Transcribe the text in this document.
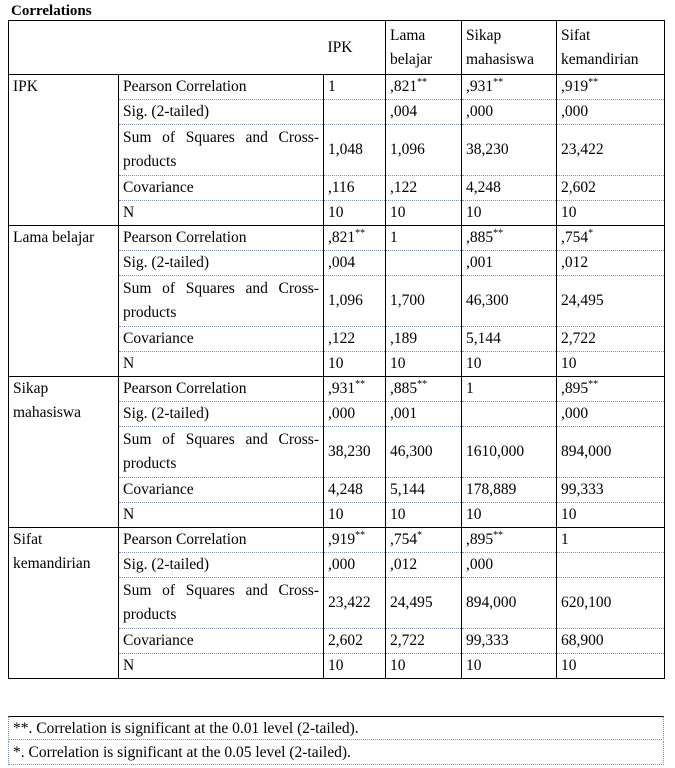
Correlations
		IPK	Lama belajar	Sikap mahasiswa	Sifat kemandirian
IPK	Pearson Correlation	1	,821**	,931**	,919**
	Sig. (2-tailed)		,004	,000	,000
	Sum of Squares and Cross-products	1,048	1,096	38,230	23,422
	Covariance	,116	,122	4,248	2,602
	N	10	10	10	10
Lama belajar	Pearson Correlation	,821**	1	,885**	,754*
	Sig. (2-tailed)	,004		,001	,012
	Sum of Squares and Cross-products	1,096	1,700	46,300	24,495
	Covariance	,122	,189	5,144	2,722
	N	10	10	10	10
Sikap mahasiswa	Pearson Correlation	,931**	,885**	1	,895**
	Sig. (2-tailed)	,000	,001		,000
	Sum of Squares and Cross-products	38,230	46,300	1610,000	894,000
	Covariance	4,248	5,144	178,889	99,333
	N	10	10	10	10
Sifat kemandirian	Pearson Correlation	,919**	,754*	,895**	1
	Sig. (2-tailed)	,000	,012	,000	
	Sum of Squares and Cross-products	23,422	24,495	894,000	620,100
	Covariance	2,602	2,722	99,333	68,900
	N	10	10	10	10
**. Correlation is significant at the 0.01 level (2-tailed).
*. Correlation is significant at the 0.05 level (2-tailed).
